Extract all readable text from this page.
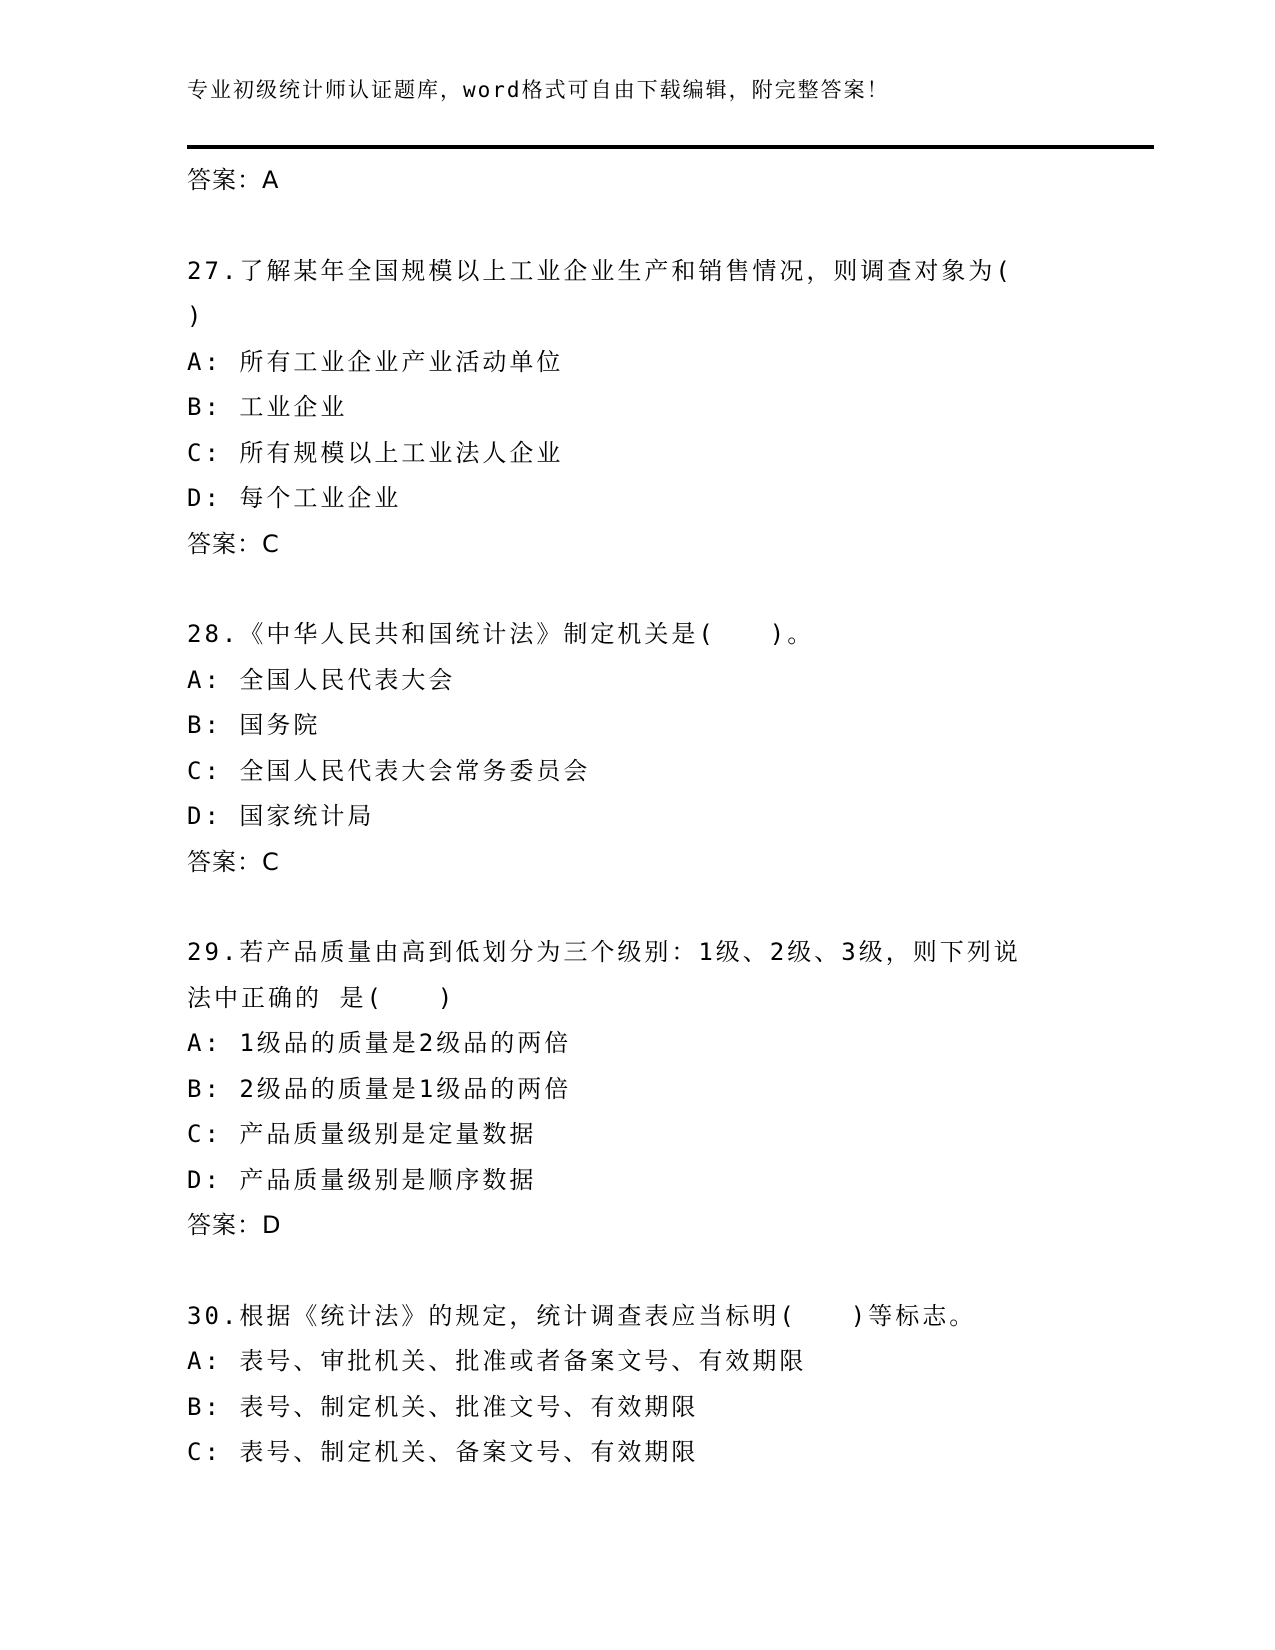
专业初级统计师认证题库，word格式可自由下载编辑，附完整答案！
答案：A
27.了解某年全国规模以上工业企业生产和销售情况，则调查对象为(
)
A: 所有工业企业产业活动单位
B: 工业企业
C: 所有规模以上工业法人企业
D: 每个工业企业
答案：C
28.《中华人民共和国统计法》制定机关是(　　)。
A: 全国人民代表大会
B: 国务院
C: 全国人民代表大会常务委员会
D: 国家统计局
答案：C
29.若产品质量由高到低划分为三个级别：1级、2级、3级，则下列说
法中正确的 是(　　)
A: 1级品的质量是2级品的两倍
B: 2级品的质量是1级品的两倍
C: 产品质量级别是定量数据
D: 产品质量级别是顺序数据
答案：D
30.根据《统计法》的规定，统计调查表应当标明(　　)等标志。
A: 表号、审批机关、批准或者备案文号、有效期限
B: 表号、制定机关、批准文号、有效期限
C: 表号、制定机关、备案文号、有效期限
